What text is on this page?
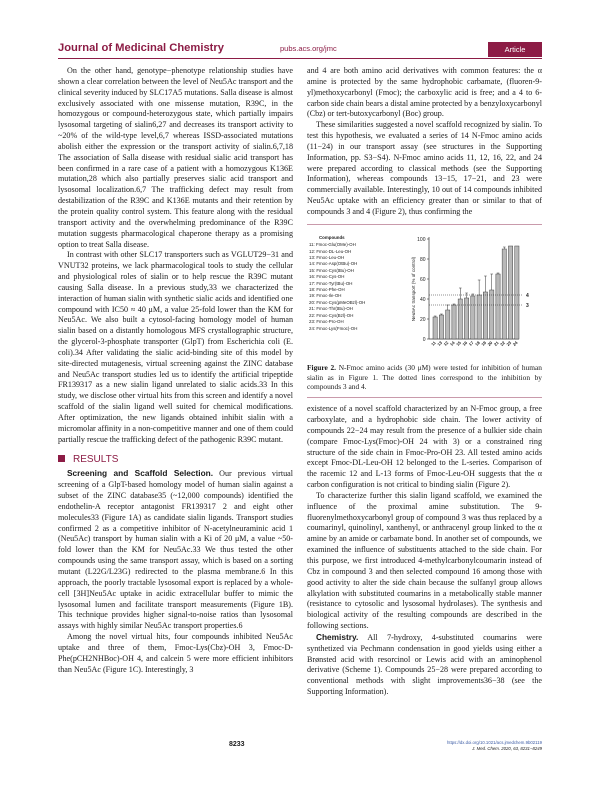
Journal of Medicinal Chemistry	pubs.acs.org/jmc	Article

On the other hand, genotype−phenotype relationship studies have shown a clear correlation between the level of Neu5Ac transport and the clinical severity induced by SLC17A5 mutations. Salla disease is almost exclusively associated with one missense mutation, R39C, in the homozygous or compound-heterozygous state, which partially impairs lysosomal targeting of sialin6,27 and decreases its transport activity to ~20% of the wild-type level,6,7 whereas ISSD-associated mutations abolish either the expression or the transport activity of sialin.6,7,18 The association of Salla disease with residual sialic acid transport has been confirmed in a rare case of a patient with a homozygous K136E mutation,28 which also partially preserves sialic acid transport and lysosomal localization.6,7 The trafficking defect may result from destabilization of the R39C and K136E mutants and their retention by the protein quality control system. This feature along with the residual transport activity and the overwhelming predominance of the R39C mutation suggests pharmacological chaperone therapy as a promising option to treat Salla disease.

In contrast with other SLC17 transporters such as VGLUT29−31 and VNUT32 proteins, we lack pharmacological tools to study the cellular and physiological roles of sialin or to help rescue the R39C mutant causing Salla disease. In a previous study,33 we characterized the interaction of human sialin with synthetic sialic acids and identified one compound with IC50 ≈ 40 μM, a value 25-fold lower than the KM for Neu5Ac. We also built a cytosol-facing homology model of human sialin based on a distantly homologous MFS crystallographic structure, the glycerol-3-phosphate transporter (GlpT) from Escherichia coli (E. coli).34 After validating the sialic acid-binding site of this model by site-directed mutagenesis, virtual screening against the ZINC database and Neu5Ac transport studies led us to identify the artificial tripeptide FR139317 as a new sialin ligand unrelated to sialic acids.33 In this study, we disclose other virtual hits from this screen and identify a novel scaffold of the sialin ligand well suited for chemical modifications. After optimization, the new ligands obtained inhibit sialin with a micromolar affinity in a non-competitive manner and one of them could partially rescue the trafficking defect of the pathogenic R39C mutant.

RESULTS

Screening and Scaffold Selection. Our previous virtual screening of a GlpT-based homology model of human sialin against a subset of the ZINC database35 (~12,000 compounds) identified the endothelin-A receptor antagonist FR139317 2 and eight other molecules33 (Figure 1A) as candidate sialin ligands. Transport studies confirmed 2 as a competitive inhibitor of N-acetylneuraminic acid 1 (Neu5Ac) transport by human sialin with a Ki of 20 μM, a value ~50-fold lower than the KM for Neu5Ac.33 We thus tested the other compounds using the same transport assay, which is based on a sorting mutant (L22G/L23G) redirected to the plasma membrane.6 In this approach, the poorly tractable lysosomal export is replaced by a whole-cell [3H]Neu5Ac uptake in acidic extracellular buffer to mimic the lysosomal lumen and facilitate transport measurements (Figure 1B). This technique provides higher signal-to-noise ratios than lysosomal assays with highly similar Neu5Ac transport properties.6

Among the novel virtual hits, four compounds inhibited Neu5Ac uptake and three of them, Fmoc-Lys(Cbz)-OH 3, Fmoc-D-Phe(pCH2NHBoc)-OH 4, and calcein 5 were more efficient inhibitors than Neu5Ac (Figure 1C). Interestingly, 3

and 4 are both amino acid derivatives with common features: the α amine is protected by the same hydrophobic carbamate, (fluoren-9-yl)methoxycarbonyl (Fmoc); the carboxylic acid is free; and a 4 to 6-carbon side chain bears a distal amine protected by a benzyloxycarbonyl (Cbz) or tert-butoxycarbonyl (Boc) group.

These similarities suggested a novel scaffold recognized by sialin. To test this hypothesis, we evaluated a series of 14 N-Fmoc amino acids (11−24) in our transport assay (see structures in the Supporting Information, pp. S3−S4). N-Fmoc amino acids 11, 12, 16, 22, and 24 were prepared according to classical methods (see the Supporting Information), whereas compounds 13−15, 17−21, and 23 were commercially available. Interestingly, 10 out of 14 compounds inhibited Neu5Ac uptake with an efficiency greater than or similar to that of compounds 3 and 4 (Figure 2), thus confirming the

Compounds
11: Fmoc-Glu(OMe)-OH
12: Fmoc-DL-Leu-OH
13: Fmoc-Leu-OH
14: Fmoc-Asp(OtBu)-OH
15: Fmoc-Cys(tBu)-OH
16: Fmoc-Cys-OH
17: Fmoc-Tyr(tBu)-OH
18: Fmoc-Phe-OH
19: Fmoc-Ile-OH
20: Fmoc-Cys(pMeOBzl)-OH
21: Fmoc-Thr(tBu)-OH
22: Fmoc-Cys(Bzl)-OH
23: Fmoc-Pro-OH
24: Fmoc-Lys(Fmoc)-OH
0
20
40
60
80
100
Neu5Ac transport (% of control)
11 13 12 14 15 16 17 18 19 20 21 22 23 24
4
3
Figure 2. N-Fmoc amino acids (30 μM) were tested for inhibition of human sialin as in Figure 1. The dotted lines correspond to the inhibition by compounds 3 and 4.

existence of a novel scaffold characterized by an N-Fmoc group, a free carboxylate, and a hydrophobic side chain. The lower activity of compounds 22−24 may result from the presence of a bulkier side chain (compare Fmoc-Lys(Fmoc)-OH 24 with 3) or a constrained ring structure of the side chain in Fmoc-Pro-OH 23. All tested amino acids except Fmoc-DL-Leu-OH 12 belonged to the L-series. Comparison of the racemic 12 and L-13 forms of Fmoc-Leu-OH suggests that the α carbon configuration is not critical to binding sialin (Figure 2).

To characterize further this sialin ligand scaffold, we examined the influence of the proximal amine substitution. The 9-fluorenylmethoxycarbonyl group of compound 3 was thus replaced by a coumarinyl, quinolinyl, xanthenyl, or anthracenyl group linked to the α amine by an amide or carbamate bond. In another set of compounds, we examined the influence of substituents attached to the side chain. For this purpose, we first introduced 4-methylcarbonylcoumarin instead of Cbz in compound 3 and then selected compound 16 among those with good activity to alter the side chain because the sulfanyl group allows alkylation with substituted coumarins in a metabolically stable manner (resistance to cytosolic and lysosomal hydrolases). The synthesis and biological activity of the resulting compounds are described in the following sections.

Chemistry. All 7-hydroxy, 4-substituted coumarins were synthetized via Pechmann condensation in good yields using either a Brønsted acid with resorcinol or Lewis acid with an aminophenol derivative (Scheme 1). Compounds 25−28 were prepared according to conventional methods with slight improvements36−38 (see the Supporting Information).

8233	https://dx.doi.org/10.1021/acs.jmedchem.9b02119
J. Med. Chem. 2020, 63, 8231−8249
